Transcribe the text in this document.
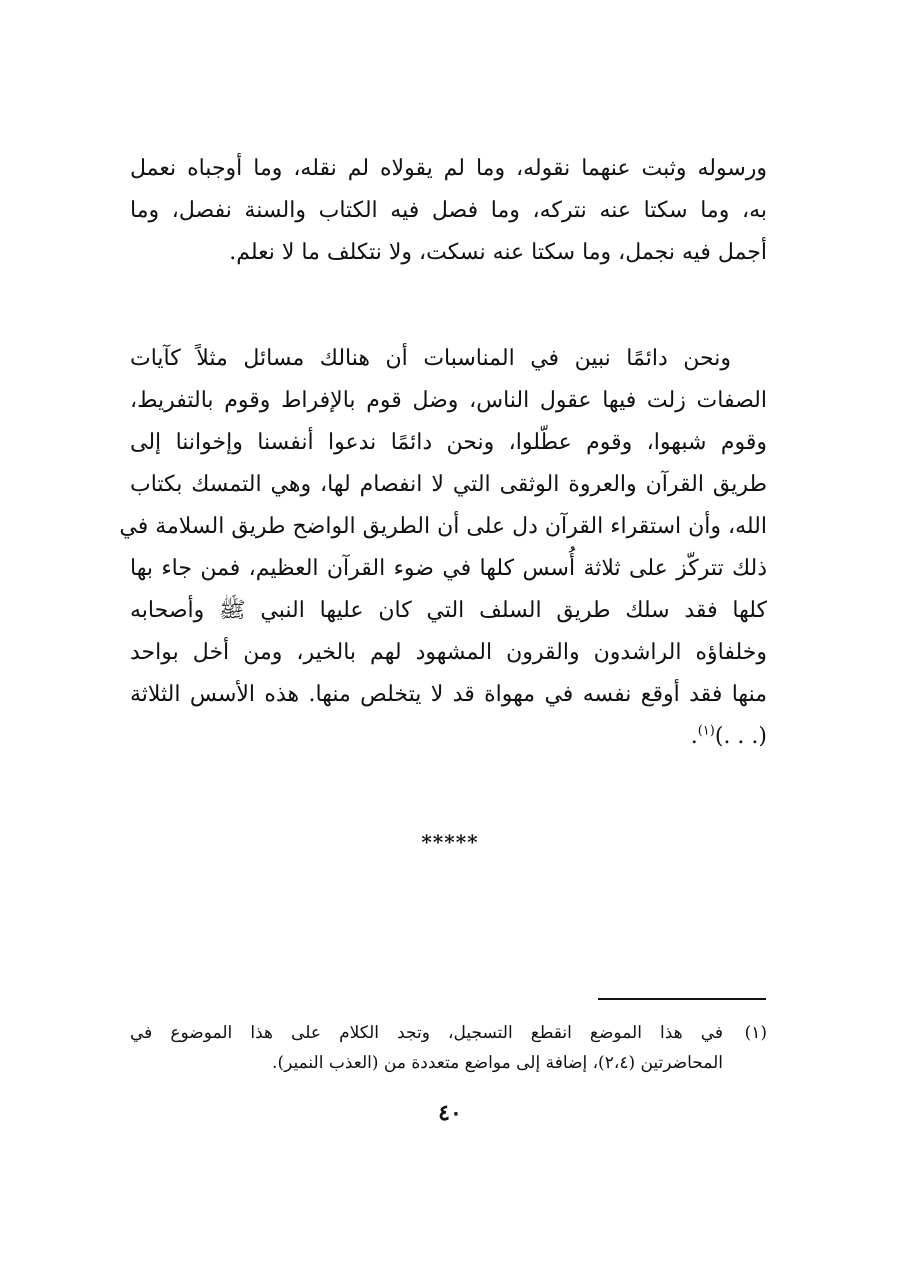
ورسوله وثبت عنهما نقوله، وما لم يقولاه لم نقله، وما أوجباه نعمل
به، وما سكتا عنه نتركه، وما فصل فيه الكتاب والسنة نفصل، وما
أجمل فيه نجمل، وما سكتا عنه نسكت، ولا نتكلف ما لا نعلم.
ونحن دائمًا نبين في المناسبات أن هنالك مسائل مثلاً كآيات
الصفات زلت فيها عقول الناس، وضل قوم بالإفراط وقوم بالتفريط،
وقوم شبهوا، وقوم عطّلوا، ونحن دائمًا ندعوا أنفسنا وإخواننا إلى
طريق القرآن والعروة الوثقى التي لا انفصام لها، وهي التمسك بكتاب
الله، وأن استقراء القرآن دل على أن الطريق الواضح طريق السلامة في
ذلك تتركّز على ثلاثة أُسس كلها في ضوء القرآن العظيم، فمن جاء بها
كلها فقد سلك طريق السلف التي كان عليها النبي ﷺ وأصحابه
وخلفاؤه الراشدون والقرون المشهود لهم بالخير، ومن أخل بواحد
منها فقد أوقع نفسه في مهواة قد لا يتخلص منها. هذه الأسس الثلاثة
(. . .)$^{(١)}$.
*****
(١)
في هذا الموضع انقطع التسجيل، وتجد الكلام على هذا الموضوع في
المحاضرتين (٢،٤)، إضافة إلى مواضع متعددة من (العذب النمير).
٤٠
